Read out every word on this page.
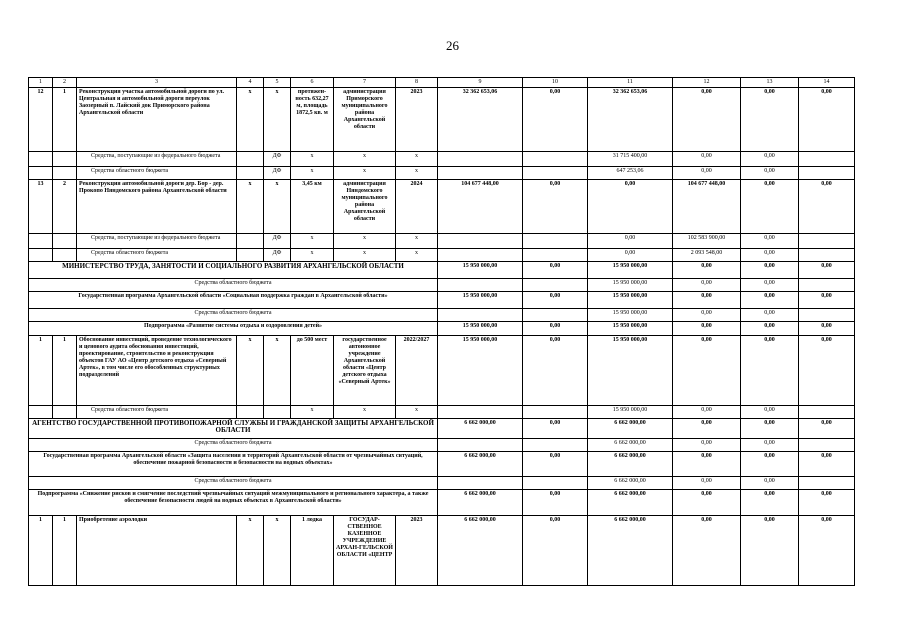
26
1	2	3	4	5	6	7	8	9	10	11	12	13	14
12	1	Реконструкция участка автомобильной дороги по ул. Центральная и автомобильной дороги переулок Заозерный п. Лайский док Приморского района Архангельской области	х	х	протяжен-ность 632,27 м, площадь 1872,5 кв. м	администрация Приморского муниципального района Архангельской области	2023	32 362 653,06	0,00	32 362 653,06	0,00	0,00	0,00
		Средства, поступающие из федерального бюджета		ДФ	х	х	х			31 715 400,00	0,00	0,00	
		Средства областного бюджета		ДФ	х	х	х			647 253,06	0,00	0,00	
13	2	Реконструкция автомобильной дороги дер. Бор - дер. Прокопо Няндомского района Архангельской области	х	х	3,45 км	администрация Няндомского муниципального района Архангельской области	2024	104 677 448,00	0,00	0,00	104 677 448,00	0,00	0,00
		Средства, поступающие из федерального бюджета		ДФ	х	х	х			0,00	102 583 900,00	0,00	
		Средства областного бюджета		ДФ	х	х	х			0,00	2 093 548,00	0,00	
МИНИСТЕРСТВО ТРУДА, ЗАНЯТОСТИ И СОЦИАЛЬНОГО РАЗВИТИЯ АРХАНГЕЛЬСКОЙ ОБЛАСТИ								15 950 000,00	0,00	15 950 000,00	0,00	0,00	0,00
Средства областного бюджета										15 950 000,00	0,00	0,00	
Государственная программа Архангельской области «Социальная поддержка граждан в Архангельской области»								15 950 000,00	0,00	15 950 000,00	0,00	0,00	0,00
Средства областного бюджета										15 950 000,00	0,00	0,00	
Подпрограмма «Развитие системы отдыха и оздоровления детей»								15 950 000,00	0,00	15 950 000,00	0,00	0,00	0,00
1	1	Обоснование инвестиций, проведение технологического и ценового аудита обоснования инвестиций, проектирование, строительство и реконструкция объектов ГАУ АО «Центр детского отдыха «Северный Артек», в том числе его обособленных структурных подразделений	х	х	до 500 мест	государственное автономное учреждение Архангельской области «Центр детского отдыха «Северный Артек»	2022/2027	15 950 000,00	0,00	15 950 000,00	0,00	0,00	0,00
		Средства областного бюджета			х	х	х			15 950 000,00	0,00	0,00	
АГЕНТСТВО ГОСУДАРСТВЕННОЙ ПРОТИВОПОЖАРНОЙ СЛУЖБЫ И ГРАЖДАНСКОЙ ЗАЩИТЫ АРХАНГЕЛЬСКОЙ ОБЛАСТИ								6 662 000,00	0,00	6 662 000,00	0,00	0,00	0,00
Средства областного бюджета										6 662 000,00	0,00	0,00	
Государственная программа Архангельской области «Защита населения и территорий Архангельской области от чрезвычайных ситуаций, обеспечение пожарной безопасности и безопасности на водных объектах»								6 662 000,00	0,00	6 662 000,00	0,00	0,00	0,00
Средства областного бюджета										6 662 000,00	0,00	0,00	
Подпрограмма «Снижение рисков и смягчение последствий чрезвычайных ситуаций межмуниципального и регионального характера, а также обеспечение безопасности людей на водных объектах в Архангельской области»								6 662 000,00	0,00	6 662 000,00	0,00	0,00	0,00
1	1	Приобретение аэролодки	х	х	1 лодка	ГОСУДАР-СТВЕННОЕ КАЗЕННОЕ УЧРЕЖДЕНИЕ АРХАН-ГЕЛЬСКОЙ ОБЛАСТИ «ЦЕНТР	2023	6 662 000,00	0,00	6 662 000,00	0,00	0,00	0,00
